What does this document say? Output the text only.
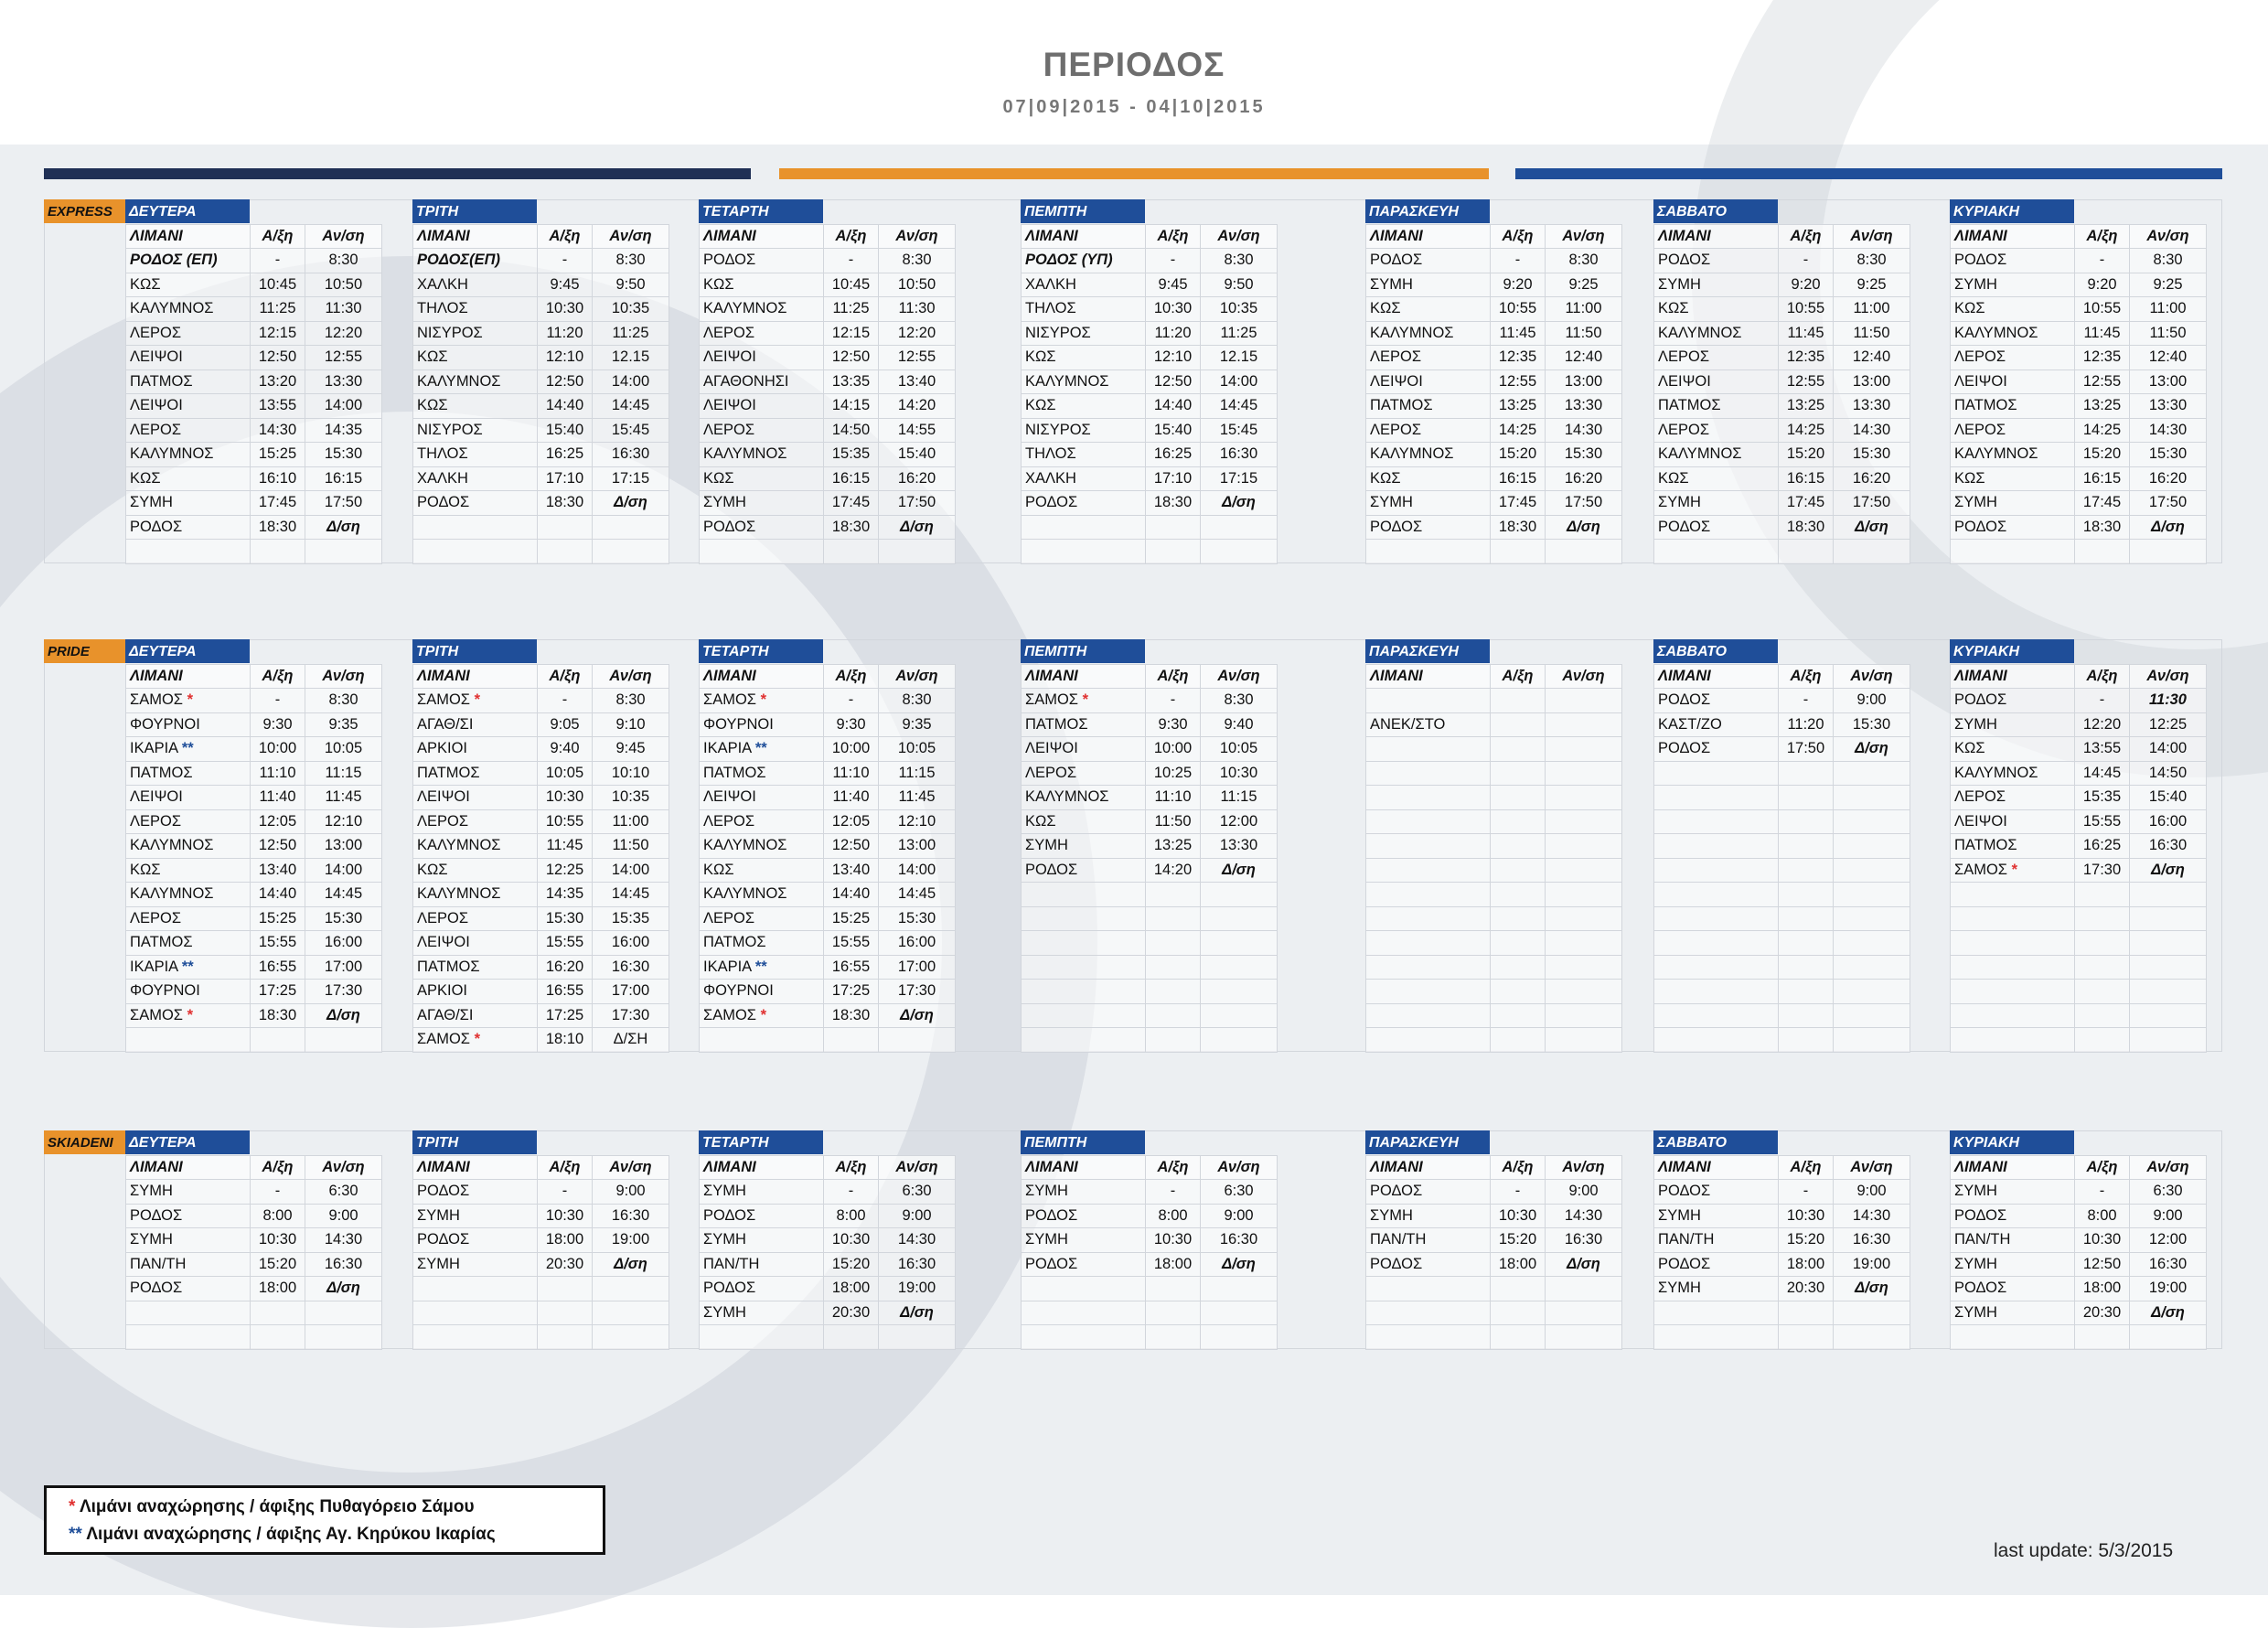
ΠΕΡΙΟΔΟΣ
07|09|2015 - 04|10|2015
EXPRESS	ΔΕΥΤΕΡΑ
ΛΙΜΑΝΙ	Α/ξη	Αν/ση
ΡΟΔΟΣ (ΕΠ)	-	8:30
ΚΩΣ	10:45	10:50
ΚΑΛΥΜΝΟΣ	11:25	11:30
ΛΕΡΟΣ	12:15	12:20
ΛΕΙΨΟΙ	12:50	12:55
ΠΑΤΜΟΣ	13:20	13:30
ΛΕΙΨΟΙ	13:55	14:00
ΛΕΡΟΣ	14:30	14:35
ΚΑΛΥΜΝΟΣ	15:25	15:30
ΚΩΣ	16:10	16:15
ΣΥΜΗ	17:45	17:50
ΡΟΔΟΣ	18:30	Δ/ση

ΤΡΙΤΗ
ΛΙΜΑΝΙ	Α/ξη	Αν/ση
ΡΟΔΟΣ(ΕΠ)	-	8:30
ΧΑΛΚΗ	9:45	9:50
ΤΗΛΟΣ	10:30	10:35
ΝΙΣΥΡΟΣ	11:20	11:25
ΚΩΣ	12:10	12.15
ΚΑΛΥΜΝΟΣ	12:50	14:00
ΚΩΣ	14:40	14:45
ΝΙΣΥΡΟΣ	15:40	15:45
ΤΗΛΟΣ	16:25	16:30
ΧΑΛΚΗ	17:10	17:15
ΡΟΔΟΣ	18:30	Δ/ση

ΤΕΤΑΡΤΗ
ΛΙΜΑΝΙ	Α/ξη	Αν/ση
ΡΟΔΟΣ	-	8:30
ΚΩΣ	10:45	10:50
ΚΑΛΥΜΝΟΣ	11:25	11:30
ΛΕΡΟΣ	12:15	12:20
ΛΕΙΨΟΙ	12:50	12:55
ΑΓΑΘΟΝΗΣΙ	13:35	13:40
ΛΕΙΨΟΙ	14:15	14:20
ΛΕΡΟΣ	14:50	14:55
ΚΑΛΥΜΝΟΣ	15:35	15:40
ΚΩΣ	16:15	16:20
ΣΥΜΗ	17:45	17:50
ΡΟΔΟΣ	18:30	Δ/ση

ΠΕΜΠΤΗ
ΛΙΜΑΝΙ	Α/ξη	Αν/ση
ΡΟΔΟΣ (ΥΠ)	-	8:30
ΧΑΛΚΗ	9:45	9:50
ΤΗΛΟΣ	10:30	10:35
ΝΙΣΥΡΟΣ	11:20	11:25
ΚΩΣ	12:10	12.15
ΚΑΛΥΜΝΟΣ	12:50	14:00
ΚΩΣ	14:40	14:45
ΝΙΣΥΡΟΣ	15:40	15:45
ΤΗΛΟΣ	16:25	16:30
ΧΑΛΚΗ	17:10	17:15
ΡΟΔΟΣ	18:30	Δ/ση

ΠΑΡΑΣΚΕΥΗ
ΛΙΜΑΝΙ	Α/ξη	Αν/ση
ΡΟΔΟΣ	-	8:30
ΣΥΜΗ	9:20	9:25
ΚΩΣ	10:55	11:00
ΚΑΛΥΜΝΟΣ	11:45	11:50
ΛΕΡΟΣ	12:35	12:40
ΛΕΙΨΟΙ	12:55	13:00
ΠΑΤΜΟΣ	13:25	13:30
ΛΕΡΟΣ	14:25	14:30
ΚΑΛΥΜΝΟΣ	15:20	15:30
ΚΩΣ	16:15	16:20
ΣΥΜΗ	17:45	17:50
ΡΟΔΟΣ	18:30	Δ/ση

ΣΑΒΒΑΤΟ
ΛΙΜΑΝΙ	Α/ξη	Αν/ση
ΡΟΔΟΣ	-	8:30
ΣΥΜΗ	9:20	9:25
ΚΩΣ	10:55	11:00
ΚΑΛΥΜΝΟΣ	11:45	11:50
ΛΕΡΟΣ	12:35	12:40
ΛΕΙΨΟΙ	12:55	13:00
ΠΑΤΜΟΣ	13:25	13:30
ΛΕΡΟΣ	14:25	14:30
ΚΑΛΥΜΝΟΣ	15:20	15:30
ΚΩΣ	16:15	16:20
ΣΥΜΗ	17:45	17:50
ΡΟΔΟΣ	18:30	Δ/ση

ΚΥΡΙΑΚΗ
ΛΙΜΑΝΙ	Α/ξη	Αν/ση
ΡΟΔΟΣ	-	8:30
ΣΥΜΗ	9:20	9:25
ΚΩΣ	10:55	11:00
ΚΑΛΥΜΝΟΣ	11:45	11:50
ΛΕΡΟΣ	12:35	12:40
ΛΕΙΨΟΙ	12:55	13:00
ΠΑΤΜΟΣ	13:25	13:30
ΛΕΡΟΣ	14:25	14:30
ΚΑΛΥΜΝΟΣ	15:20	15:30
ΚΩΣ	16:15	16:20
ΣΥΜΗ	17:45	17:50
ΡΟΔΟΣ	18:30	Δ/ση

PRIDE	ΔΕΥΤΕΡΑ
ΛΙΜΑΝΙ	Α/ξη	Αν/ση
ΣΑΜΟΣ *	-	8:30
ΦΟΥΡΝΟΙ	9:30	9:35
ΙΚΑΡΙΑ **	10:00	10:05
ΠΑΤΜΟΣ	11:10	11:15
ΛΕΙΨΟΙ	11:40	11:45
ΛΕΡΟΣ	12:05	12:10
ΚΑΛΥΜΝΟΣ	12:50	13:00
ΚΩΣ	13:40	14:00
ΚΑΛΥΜΝΟΣ	14:40	14:45
ΛΕΡΟΣ	15:25	15:30
ΠΑΤΜΟΣ	15:55	16:00
ΙΚΑΡΙΑ **	16:55	17:00
ΦΟΥΡΝΟΙ	17:25	17:30
ΣΑΜΟΣ *	18:30	Δ/ση

ΤΡΙΤΗ
ΛΙΜΑΝΙ	Α/ξη	Αν/ση
ΣΑΜΟΣ *	-	8:30
ΑΓΑΘ/ΣΙ	9:05	9:10
ΑΡΚΙΟΙ	9:40	9:45
ΠΑΤΜΟΣ	10:05	10:10
ΛΕΙΨΟΙ	10:30	10:35
ΛΕΡΟΣ	10:55	11:00
ΚΑΛΥΜΝΟΣ	11:45	11:50
ΚΩΣ	12:25	14:00
ΚΑΛΥΜΝΟΣ	14:35	14:45
ΛΕΡΟΣ	15:30	15:35
ΛΕΙΨΟΙ	15:55	16:00
ΠΑΤΜΟΣ	16:20	16:30
ΑΡΚΙΟΙ	16:55	17:00
ΑΓΑΘ/ΣΙ	17:25	17:30
ΣΑΜΟΣ *	18:10	Δ/ΣΗ
ΤΕΤΑΡΤΗ
ΛΙΜΑΝΙ	Α/ξη	Αν/ση
ΣΑΜΟΣ *	-	8:30
ΦΟΥΡΝΟΙ	9:30	9:35
ΙΚΑΡΙΑ **	10:00	10:05
ΠΑΤΜΟΣ	11:10	11:15
ΛΕΙΨΟΙ	11:40	11:45
ΛΕΡΟΣ	12:05	12:10
ΚΑΛΥΜΝΟΣ	12:50	13:00
ΚΩΣ	13:40	14:00
ΚΑΛΥΜΝΟΣ	14:40	14:45
ΛΕΡΟΣ	15:25	15:30
ΠΑΤΜΟΣ	15:55	16:00
ΙΚΑΡΙΑ **	16:55	17:00
ΦΟΥΡΝΟΙ	17:25	17:30
ΣΑΜΟΣ *	18:30	Δ/ση

ΠΕΜΠΤΗ
ΛΙΜΑΝΙ	Α/ξη	Αν/ση
ΣΑΜΟΣ *	-	8:30
ΠΑΤΜΟΣ	9:30	9:40
ΛΕΙΨΟΙ	10:00	10:05
ΛΕΡΟΣ	10:25	10:30
ΚΑΛΥΜΝΟΣ	11:10	11:15
ΚΩΣ	11:50	12:00
ΣΥΜΗ	13:25	13:30
ΡΟΔΟΣ	14:20	Δ/ση

ΠΑΡΑΣΚΕΥΗ
ΛΙΜΑΝΙ	Α/ξη	Αν/ση

ΑΝΕΚ/ΣΤΟ		

ΣΑΒΒΑΤΟ
ΛΙΜΑΝΙ	Α/ξη	Αν/ση
ΡΟΔΟΣ	-	9:00
ΚΑΣΤ/ΖΟ	11:20	15:30
ΡΟΔΟΣ	17:50	Δ/ση

ΚΥΡΙΑΚΗ
ΛΙΜΑΝΙ	Α/ξη	Αν/ση
ΡΟΔΟΣ	-	11:30
ΣΥΜΗ	12:20	12:25
ΚΩΣ	13:55	14:00
ΚΑΛΥΜΝΟΣ	14:45	14:50
ΛΕΡΟΣ	15:35	15:40
ΛΕΙΨΟΙ	15:55	16:00
ΠΑΤΜΟΣ	16:25	16:30
ΣΑΜΟΣ *	17:30	Δ/ση

SKIADENI	ΔΕΥΤΕΡΑ
ΛΙΜΑΝΙ	Α/ξη	Αν/ση
ΣΥΜΗ	-	6:30
ΡΟΔΟΣ	8:00	9:00
ΣΥΜΗ	10:30	14:30
ΠΑΝ/ΤΗ	15:20	16:30
ΡΟΔΟΣ	18:00	Δ/ση

ΤΡΙΤΗ
ΛΙΜΑΝΙ	Α/ξη	Αν/ση
ΡΟΔΟΣ	-	9:00
ΣΥΜΗ	10:30	16:30
ΡΟΔΟΣ	18:00	19:00
ΣΥΜΗ	20:30	Δ/ση

ΤΕΤΑΡΤΗ
ΛΙΜΑΝΙ	Α/ξη	Αν/ση
ΣΥΜΗ	-	6:30
ΡΟΔΟΣ	8:00	9:00
ΣΥΜΗ	10:30	14:30
ΠΑΝ/ΤΗ	15:20	16:30
ΡΟΔΟΣ	18:00	19:00
ΣΥΜΗ	20:30	Δ/ση

ΠΕΜΠΤΗ
ΛΙΜΑΝΙ	Α/ξη	Αν/ση
ΣΥΜΗ	-	6:30
ΡΟΔΟΣ	8:00	9:00
ΣΥΜΗ	10:30	16:30
ΡΟΔΟΣ	18:00	Δ/ση

ΠΑΡΑΣΚΕΥΗ
ΛΙΜΑΝΙ	Α/ξη	Αν/ση
ΡΟΔΟΣ	-	9:00
ΣΥΜΗ	10:30	14:30
ΠΑΝ/ΤΗ	15:20	16:30
ΡΟΔΟΣ	18:00	Δ/ση

ΣΑΒΒΑΤΟ
ΛΙΜΑΝΙ	Α/ξη	Αν/ση
ΡΟΔΟΣ	-	9:00
ΣΥΜΗ	10:30	14:30
ΠΑΝ/ΤΗ	15:20	16:30
ΡΟΔΟΣ	18:00	19:00
ΣΥΜΗ	20:30	Δ/ση

ΚΥΡΙΑΚΗ
ΛΙΜΑΝΙ	Α/ξη	Αν/ση
ΣΥΜΗ	-	6:30
ΡΟΔΟΣ	8:00	9:00
ΠΑΝ/ΤΗ	10:30	12:00
ΣΥΜΗ	12:50	16:30
ΡΟΔΟΣ	18:00	19:00
ΣΥΜΗ	20:30	Δ/ση

* Λιμάνι αναχώρησης / άφιξης Πυθαγόρειο Σάμου
** Λιμάνι αναχώρησης / άφιξης Αγ. Κηρύκου Ικαρίας
last update: 5/3/2015
